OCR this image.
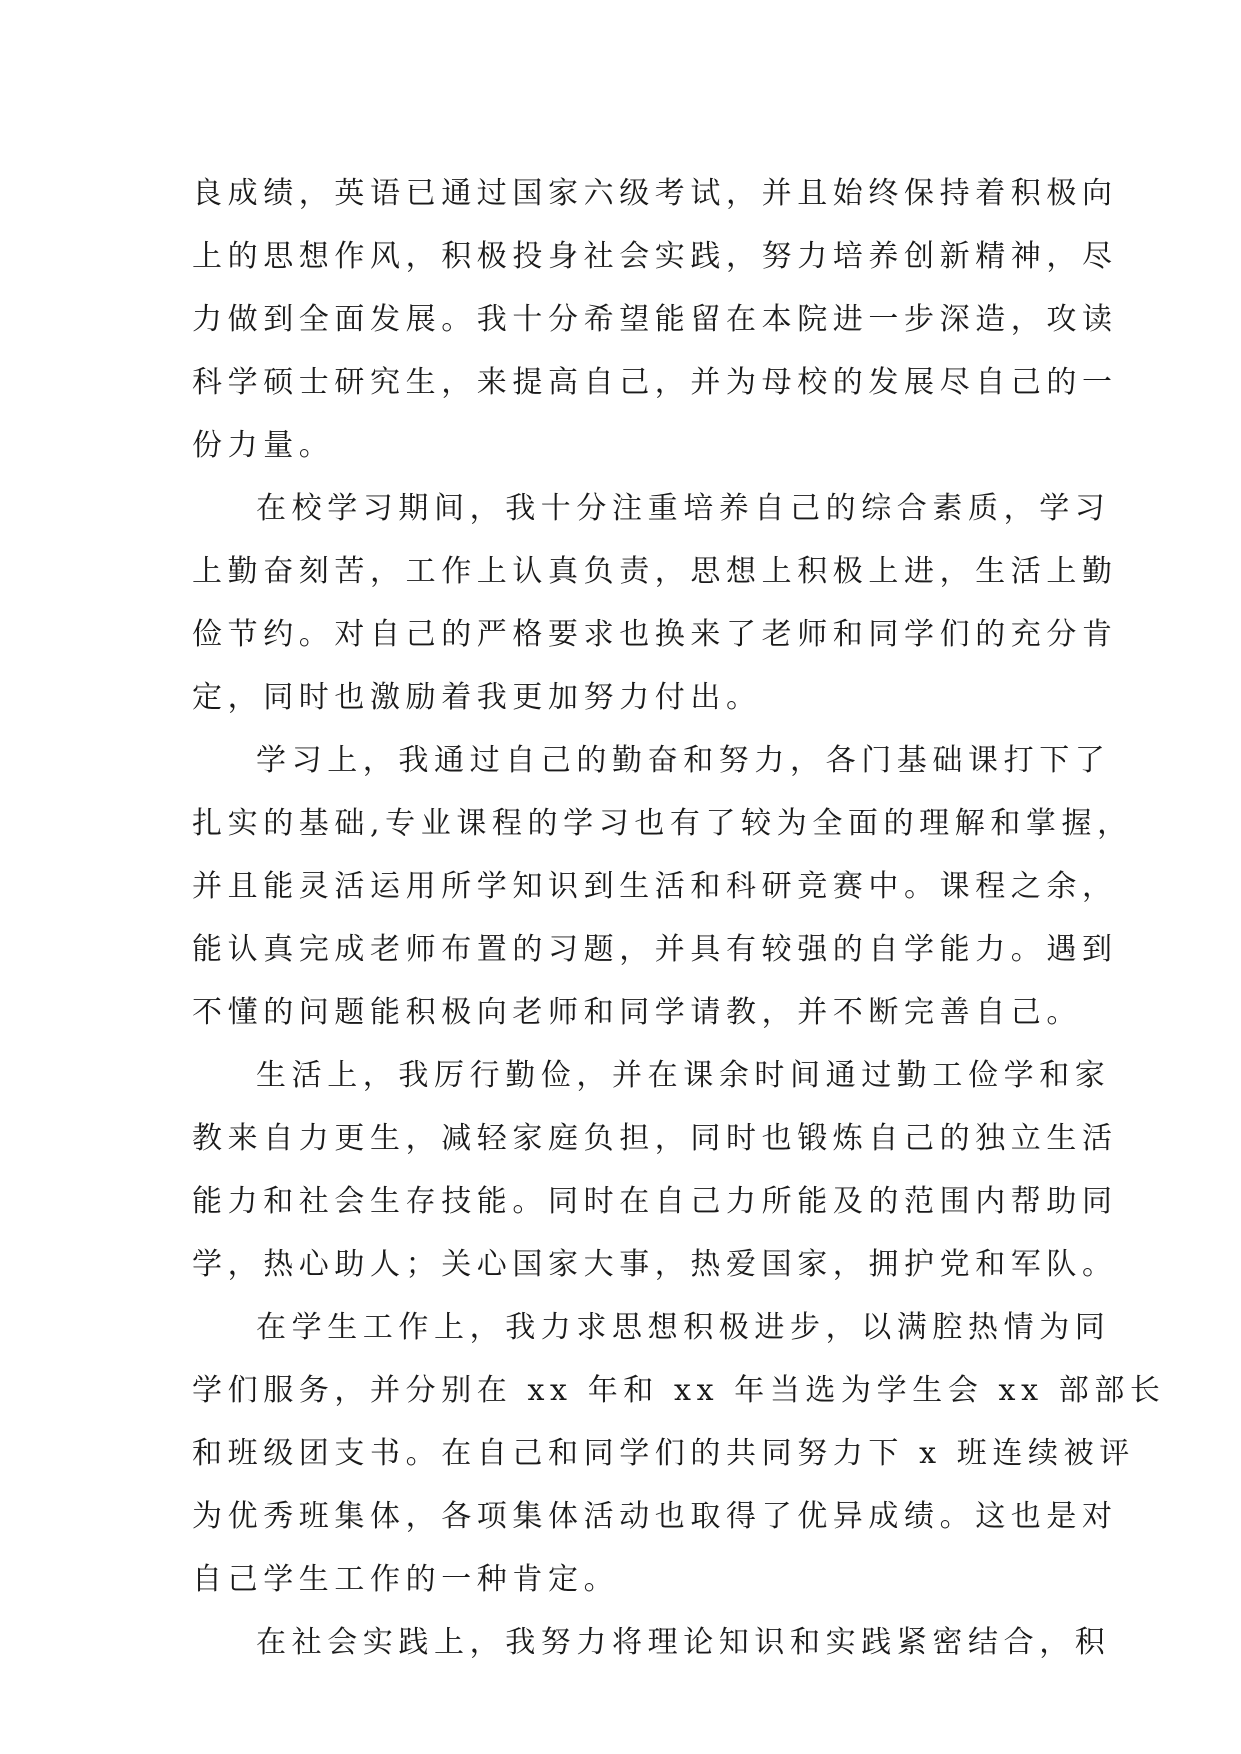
良成绩，英语已通过国家六级考试，并且始终保持着积极向
上的思想作风，积极投身社会实践，努力培养创新精神，尽
力做到全面发展。我十分希望能留在本院进一步深造，攻读
科学硕士研究生，来提高自己，并为母校的发展尽自己的一
份力量。
在校学习期间，我十分注重培养自己的综合素质，学习
上勤奋刻苦，工作上认真负责，思想上积极上进，生活上勤
俭节约。对自己的严格要求也换来了老师和同学们的充分肯
定，同时也激励着我更加努力付出。
学习上，我通过自己的勤奋和努力，各门基础课打下了
扎实的基础,专业课程的学习也有了较为全面的理解和掌握，
并且能灵活运用所学知识到生活和科研竞赛中。课程之余，
能认真完成老师布置的习题，并具有较强的自学能力。遇到
不懂的问题能积极向老师和同学请教，并不断完善自己。
生活上，我厉行勤俭，并在课余时间通过勤工俭学和家
教来自力更生，减轻家庭负担，同时也锻炼自己的独立生活
能力和社会生存技能。同时在自己力所能及的范围内帮助同
学，热心助人；关心国家大事，热爱国家，拥护党和军队。
在学生工作上，我力求思想积极进步，以满腔热情为同
学们服务，并分别在 xx 年和 xx 年当选为学生会 xx 部部长
和班级团支书。在自己和同学们的共同努力下 x 班连续被评
为优秀班集体，各项集体活动也取得了优异成绩。这也是对
自己学生工作的一种肯定。
在社会实践上，我努力将理论知识和实践紧密结合，积
